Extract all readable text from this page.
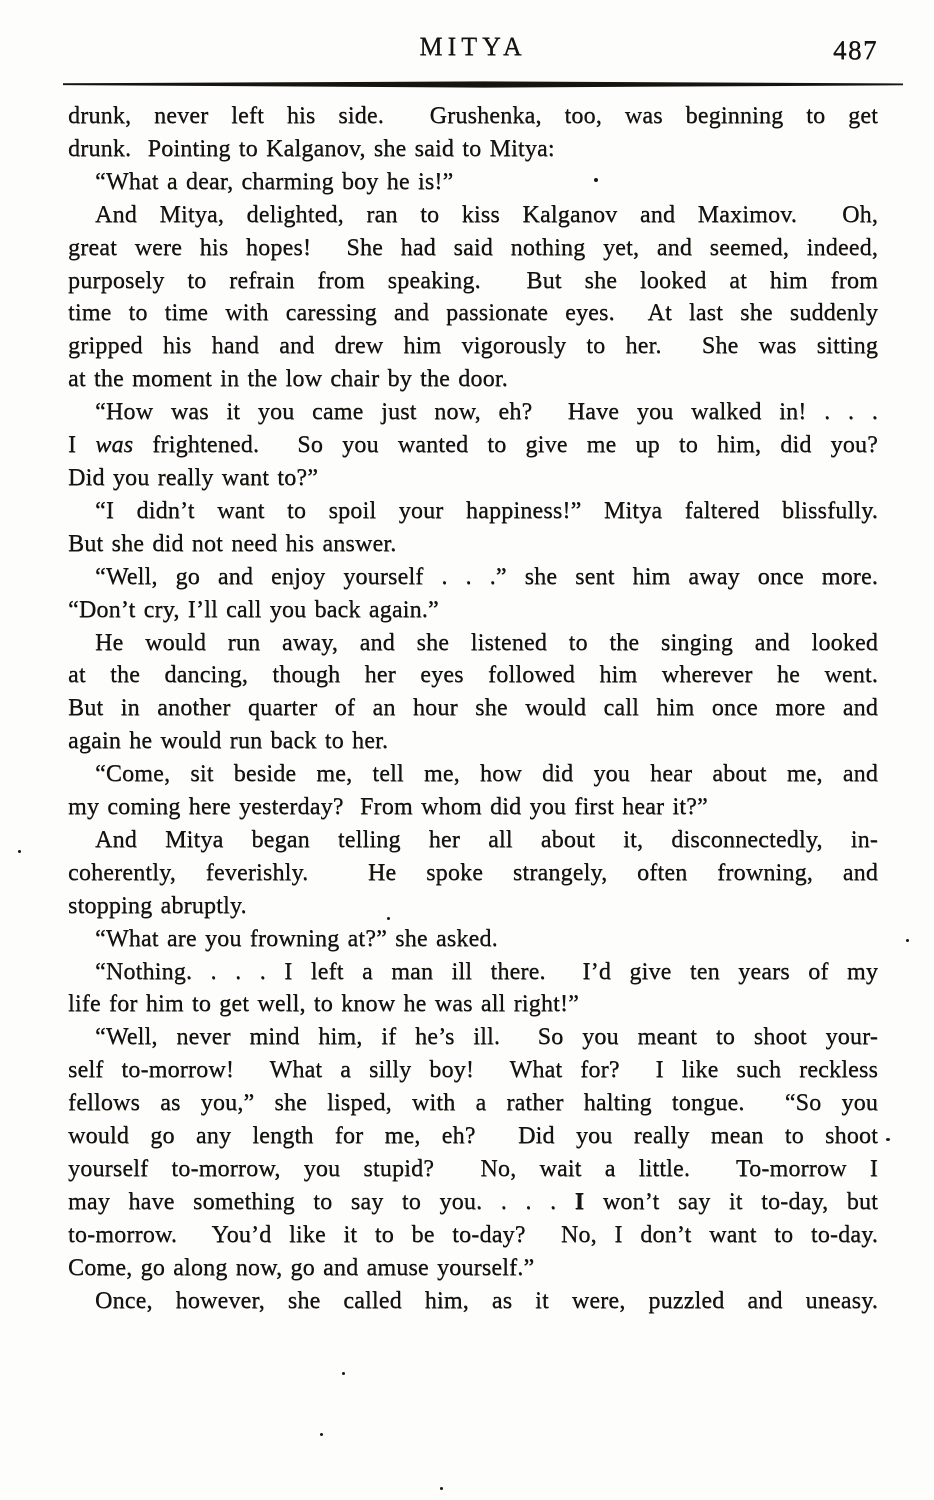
MITYA	487
drunk, never left his side.  Grushenka, too, was beginning to get
drunk.  Pointing to Kalganov, she said to Mitya:
“What a dear, charming boy he is!”
And Mitya, delighted, ran to kiss Kalganov and Maximov.  Oh,
great were his hopes!  She had said nothing yet, and seemed, indeed,
purposely to refrain from speaking.  But she looked at him from
time to time with caressing and passionate eyes.  At last she suddenly
gripped his hand and drew him vigorously to her.  She was sitting
at the moment in the low chair by the door.
“How was it you came just now, eh?  Have you walked in! . . .
I was frightened.  So you wanted to give me up to him, did you?
Did you really want to?”
“I didn’t want to spoil your happiness!” Mitya faltered blissfully.
But she did not need his answer.
“Well, go and enjoy yourself . . .” she sent him away once more.
“Don’t cry, I’ll call you back again.”
He would run away, and she listened to the singing and looked
at the dancing, though her eyes followed him wherever he went.
But in another quarter of an hour she would call him once more and
again he would run back to her.
“Come, sit beside me, tell me, how did you hear about me, and
my coming here yesterday?  From whom did you first hear it?”
And Mitya began telling her all about it, disconnectedly, in-
coherently, feverishly.  He spoke strangely, often frowning, and
stopping abruptly.
“What are you frowning at?” she asked.
“Nothing. . . . I left a man ill there.  I’d give ten years of my
life for him to get well, to know he was all right!”
“Well, never mind him, if he’s ill.  So you meant to shoot your-
self to-morrow!  What a silly boy!  What for?  I like such reckless
fellows as you,” she lisped, with a rather halting tongue.  “So you
would go any length for me, eh?  Did you really mean to shoot
yourself to-morrow, you stupid?  No, wait a little.  To-morrow I
may have something to say to you. . . . I won’t say it to-day, but
to-morrow.  You’d like it to be to-day?  No, I don’t want to to-day.
Come, go along now, go and amuse yourself.”
Once, however, she called him, as it were, puzzled and uneasy.
